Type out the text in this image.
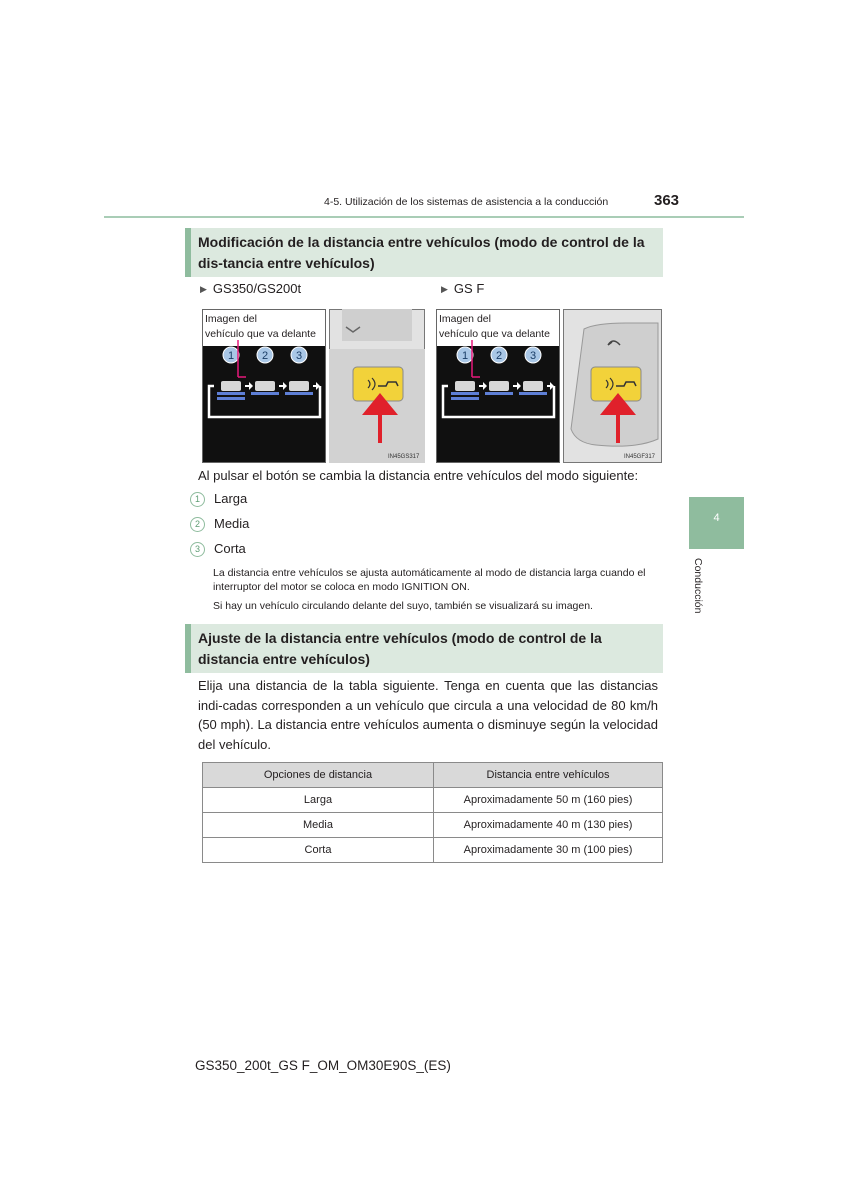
4-5. Utilización de los sistemas de asistencia a la conducción	363
4
Conducción
Modificación de la distancia entre vehículos (modo de control de la dis-tancia entre vehículos)
▶ GS350/GS200t	▶ GS F
1	2	3
IN45GS317
Imagen del
vehículo que va delante
1	2	3
IN45GF317
Imagen del
vehículo que va delante
Al pulsar el botón se cambia la distancia entre vehículos del modo siguiente:
1 Larga
2 Media
3 Corta
La distancia entre vehículos se ajusta automáticamente al modo de distancia larga cuando el interruptor del motor se coloca en modo IGNITION ON.
Si hay un vehículo circulando delante del suyo, también se visualizará su imagen.
Ajuste de la distancia entre vehículos (modo de control de la distancia entre vehículos)
Elija una distancia de la tabla siguiente. Tenga en cuenta que las distancias indi-cadas corresponden a un vehículo que circula a una velocidad de 80 km/h (50 mph). La distancia entre vehículos aumenta o disminuye según la velocidad del vehículo.
Opciones de distancia	Distancia entre vehículos
Larga	Aproximadamente 50 m (160 pies)
Media	Aproximadamente 40 m (130 pies)
Corta	Aproximadamente 30 m (100 pies)
GS350_200t_GS F_OM_OM30E90S_(ES)
